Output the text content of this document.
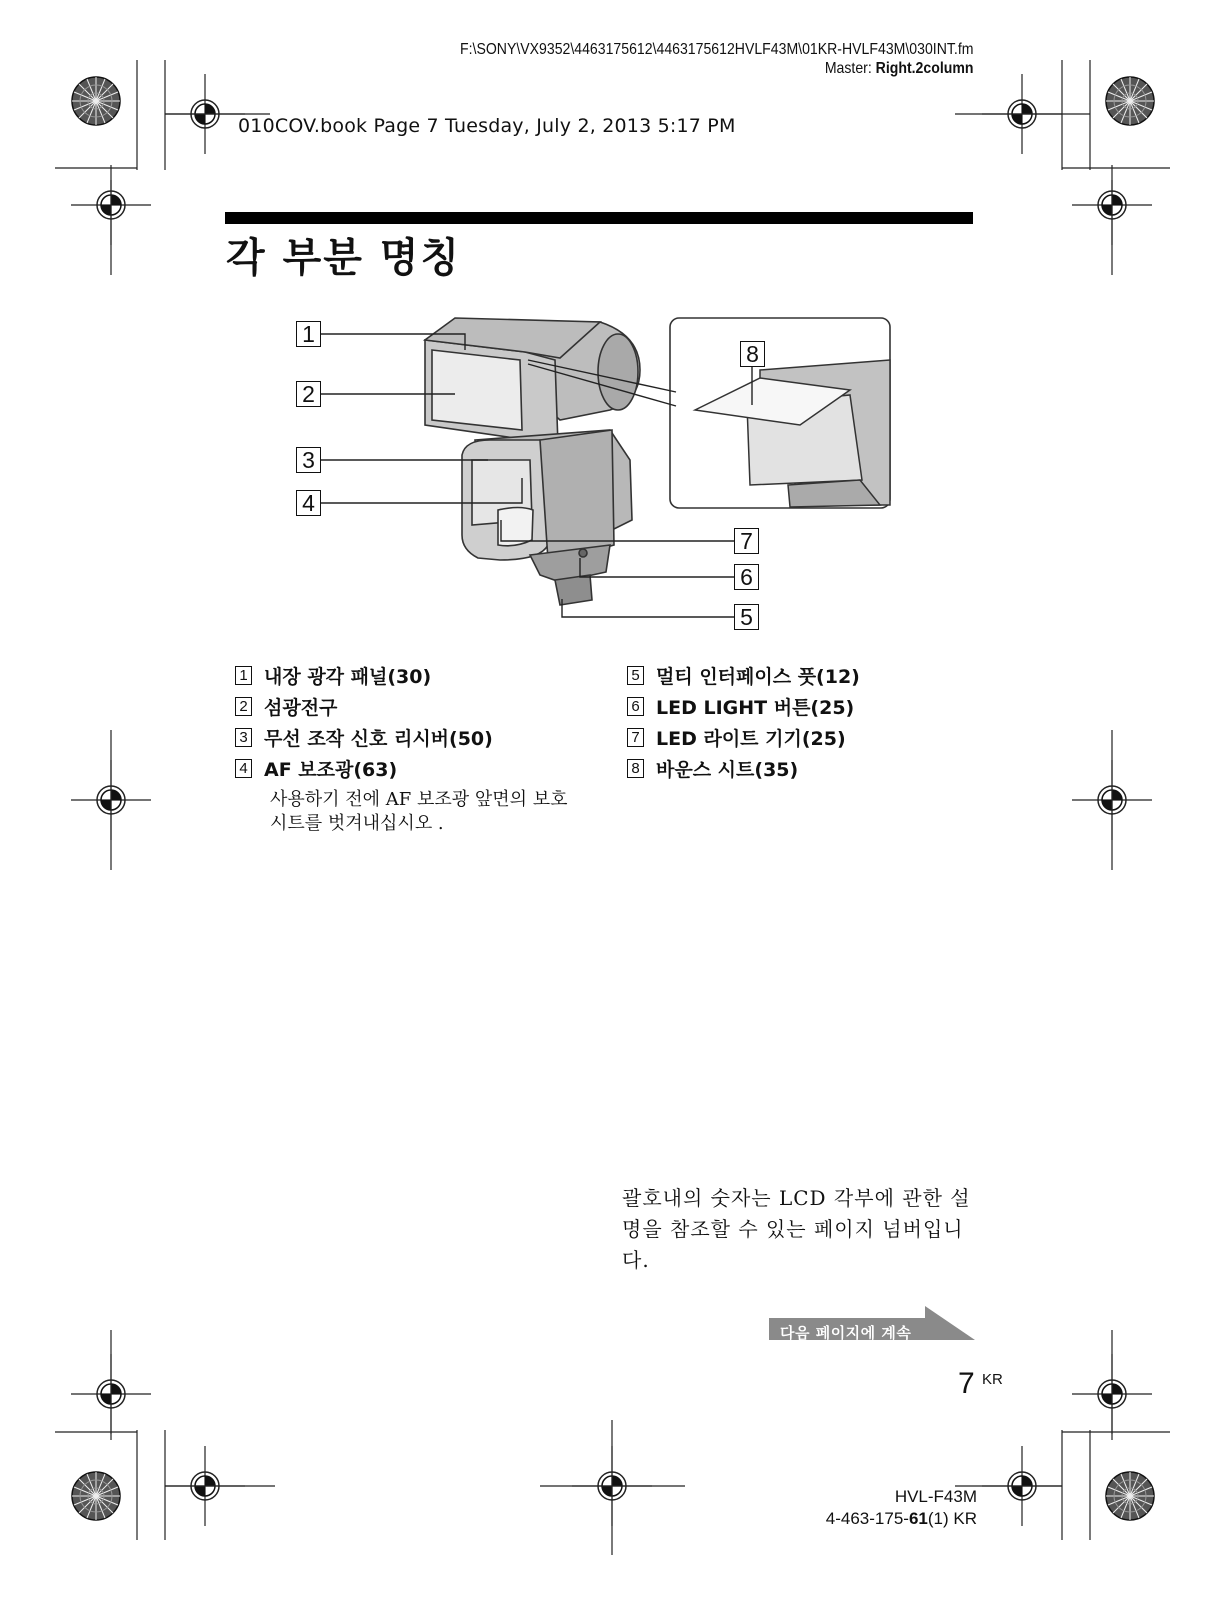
F:\SONY\VX9352\4463175612\4463175612HVLF43M\01KR-HVLF43M\030INT.fm
Master: Right.2column
010COV.book Page 7 Tuesday, July 2, 2013 5:17 PM
각 부분 명칭
1
2
3
4
5
6
7
8
1 내장 광각 패널(30)
2 섬광전구
3 무선 조작 신호 리시버(50)
4 AF 보조광(63)
사용하기 전에 AF 보조광 앞면의 보호 시트를 벗겨내십시오 .
5 멀티 인터페이스 풋(12)
6 LED LIGHT 버튼(25)
7 LED 라이트 기기(25)
8 바운스 시트(35)
괄호내의 숫자는 LCD 각부에 관한 설명을 참조할 수 있는 페이지 넘버입니다.
다음 페이지에 계속
7 KR
HVL-F43M
4-463-175-61(1) KR
